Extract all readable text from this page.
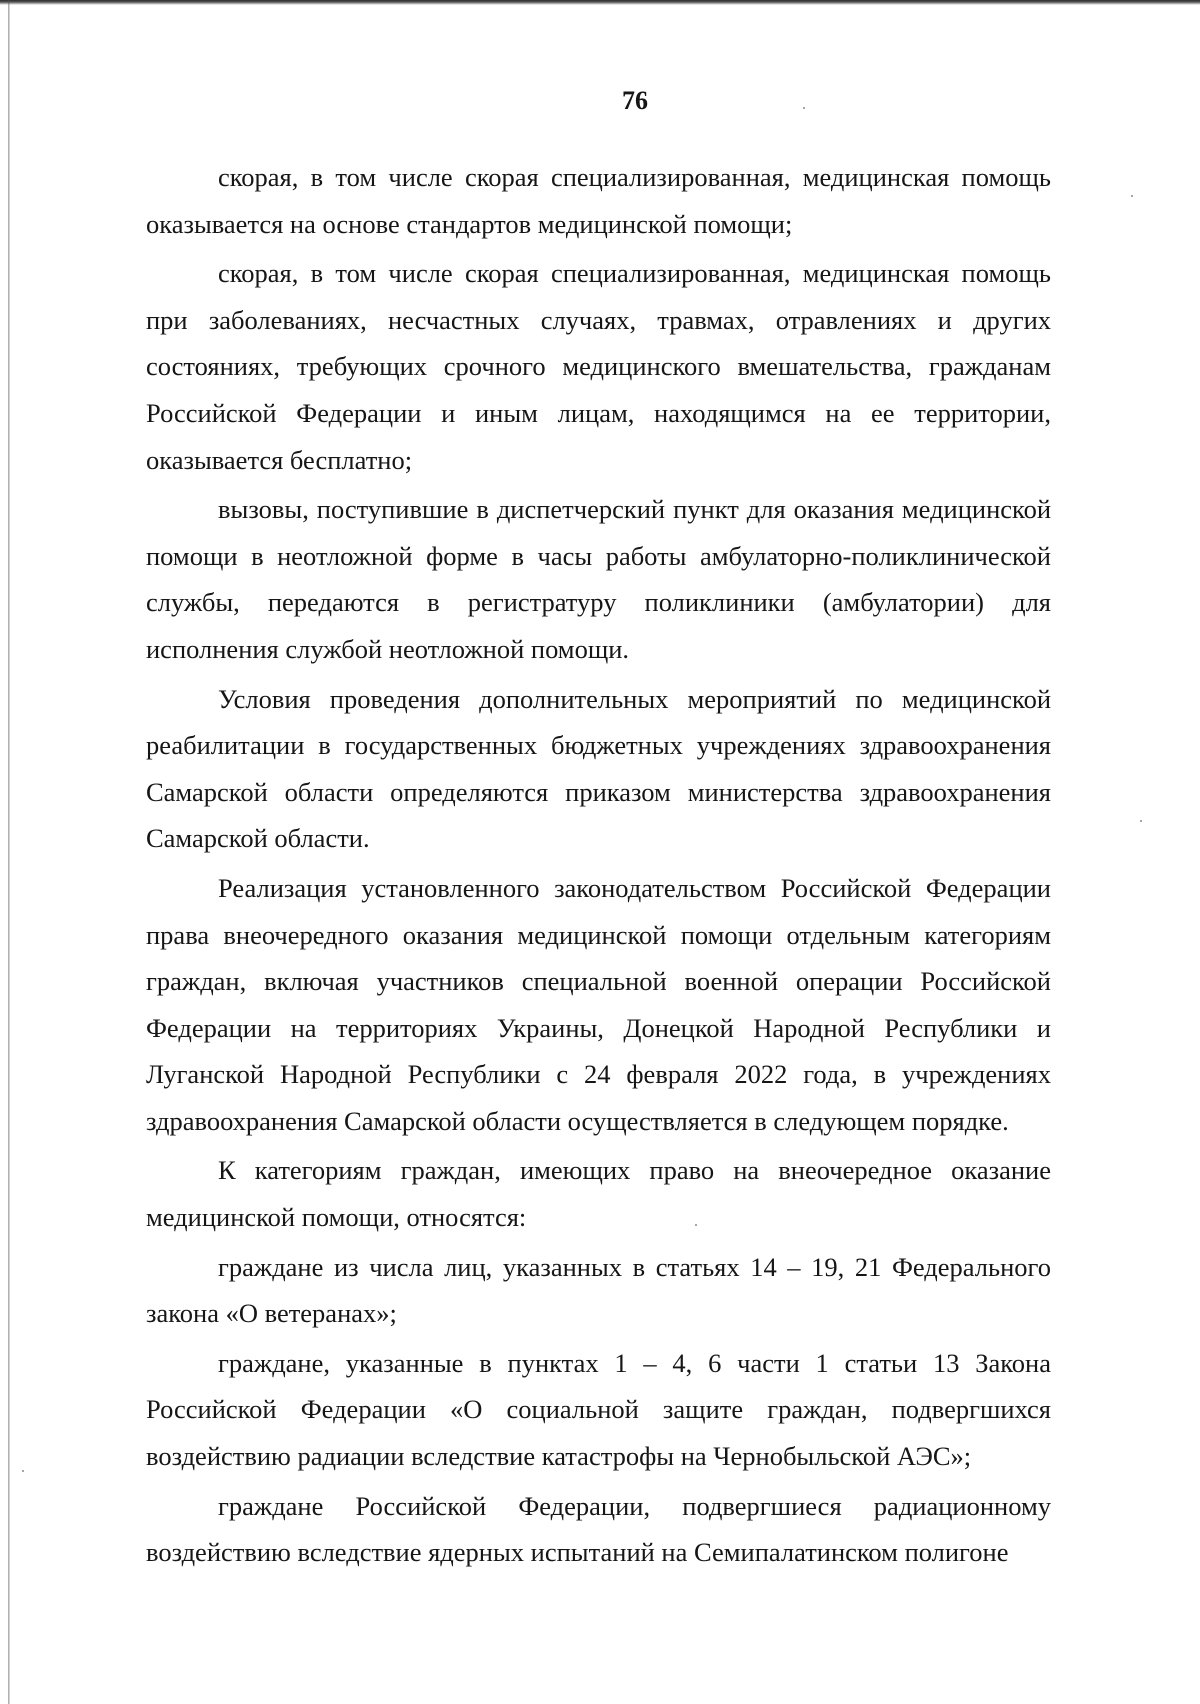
76

скорая, в том числе скорая специализированная, медицинская помощь оказывается на основе стандартов медицинской помощи;

скорая, в том числе скорая специализированная, медицинская помощь при заболеваниях, несчастных случаях, травмах, отравлениях и других состояниях, требующих срочного медицинского вмешательства, гражданам Российской Федерации и иным лицам, находящимся на ее территории, оказывается бесплатно;

вызовы, поступившие в диспетчерский пункт для оказания медицинской помощи в неотложной форме в часы работы амбулаторно-поликлинической службы, передаются в регистратуру поликлиники (амбулатории) для исполнения службой неотложной помощи.

Условия проведения дополнительных мероприятий по медицинской реабилитации в государственных бюджетных учреждениях здравоохранения Самарской области определяются приказом министерства здравоохранения Самарской области.

Реализация установленного законодательством Российской Федерации права внеочередного оказания медицинской помощи отдельным категориям граждан, включая участников специальной военной операции Российской Федерации на территориях Украины, Донецкой Народной Республики и Луганской Народной Республики с 24 февраля 2022 года, в учреждениях здравоохранения Самарской области осуществляется в следующем порядке.

К категориям граждан, имеющих право на внеочередное оказание медицинской помощи, относятся:

граждане из числа лиц, указанных в статьях 14 – 19, 21 Федерального закона «О ветеранах»;

граждане, указанные в пунктах 1 – 4, 6 части 1 статьи 13 Закона Российской Федерации «О социальной защите граждан, подвергшихся воздействию радиации вследствие катастрофы на Чернобыльской АЭС»;

граждане Российской Федерации, подвергшиеся радиационному воздействию вследствие ядерных испытаний на Семипалатинском полигоне
